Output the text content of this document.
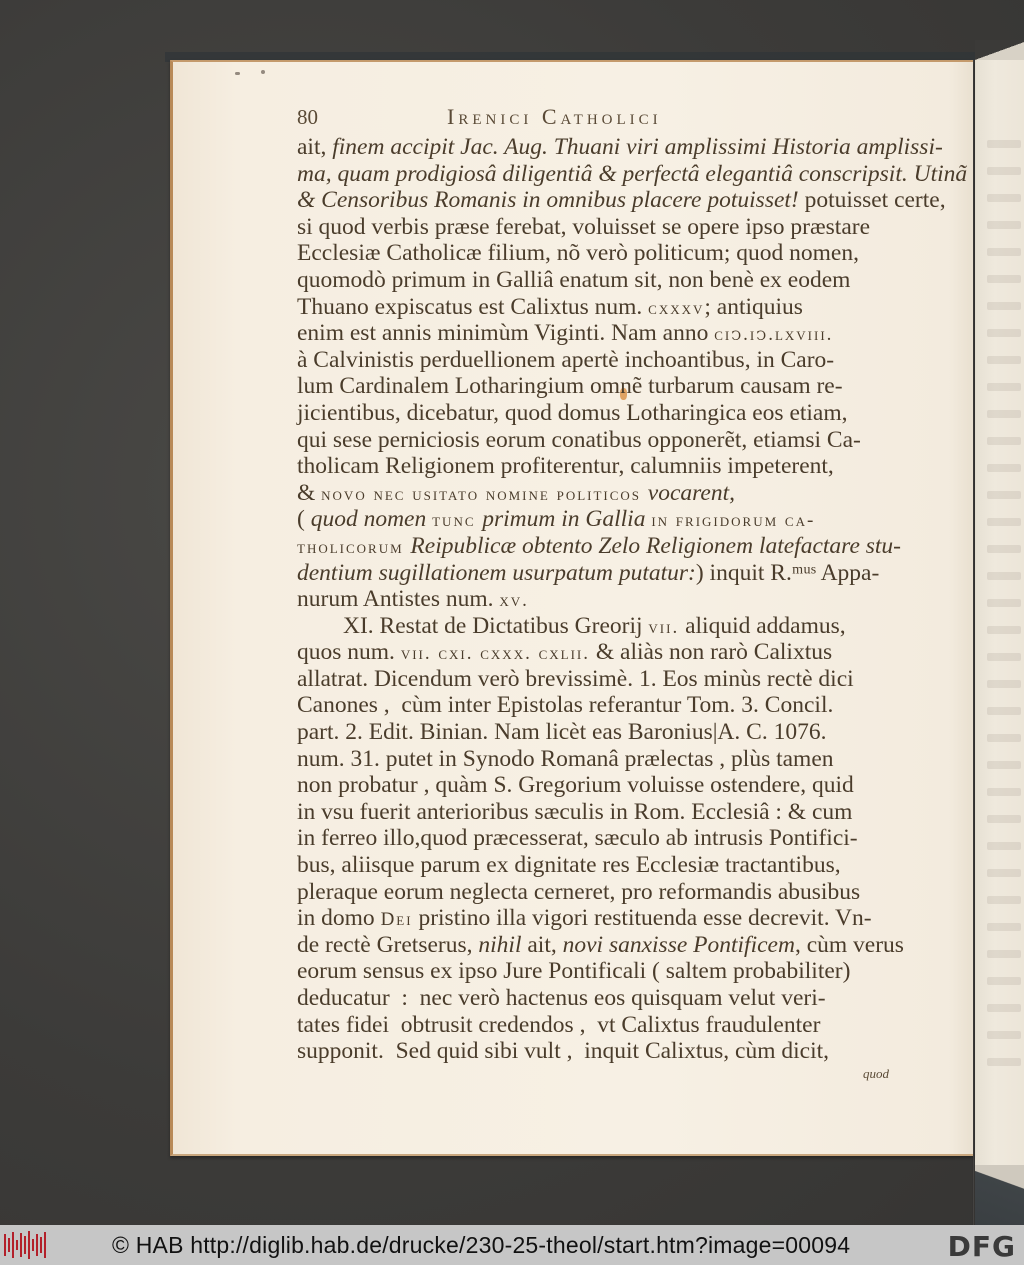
80	Irenici Catholici
ait, finem accipit Jac. Aug. Thuani viri amplissimi Historia amplissi-
ma, quam prodigiosâ diligentiâ & perfectâ elegantiâ conscripsit. Utinã
& Censoribus Romanis in omnibus placere potuisset! potuisset certe,
si quod verbis præse ferebat, voluisset se opere ipso præstare
Ecclesiæ Catholicæ filium, nõ verò politicum; quod nomen,
quomodò primum in Galliâ enatum sit, non benè ex eodem
Thuano expiscatus est Calixtus num. cxxxv; antiquius
enim est annis minimùm Viginti. Nam anno ciↄ.iↄ.lxviii.
à Calvinistis perduellionem apertè inchoantibus, in Caro-
lum Cardinalem Lotharingium omnẽ turbarum causam re-
jicientibus, dicebatur, quod domus Lotharingica eos etiam,
qui sese perniciosis eorum conatibus opponerẽt, etiamsi Ca-
tholicam Religionem profiterentur, calumniis impeterent,
& novo nec usitato nomine politicos vocarent,
( quod nomen tunc primum in Gallia in frigidorum ca-
tholicorum Reipublicæ obtento Zelo Religionem latefactare stu-
dentium sugillationem usurpatum putatur:) inquit R.ᵐᵘˢ Appa-
nurum Antistes num. xv.
XI. Restat de Dictatibus Greorij vii. aliquid addamus,
quos num. vii. cxi. cxxx. cxlii. & aliàs non rarò Calixtus
allatrat. Dicendum verò brevissimè. 1. Eos minùs rectè dici
Canones ,  cùm inter Epistolas referantur Tom. 3. Concil.
part. 2. Edit. Binian. Nam licèt eas Baronius|A. C. 1076.
num. 31. putet in Synodo Romanâ prælectas , plùs tamen
non probatur , quàm S. Gregorium voluisse ostendere, quid
in vsu fuerit anterioribus sæculis in Rom. Ecclesiâ : & cum
in ferreo illo,quod præcesserat, sæculo ab intrusis Pontifici-
bus, aliisque parum ex dignitate res Ecclesiæ tractantibus,
pleraque eorum neglecta cerneret, pro reformandis abusibus
in domo Dei pristino illa vigori restituenda esse decrevit. Vn-
de rectè Gretserus, nihil ait, novi sanxisse Pontificem, cùm verus
eorum sensus ex ipso Jure Pontificali ( saltem probabiliter)
deducatur  :  nec verò hactenus eos quisquam velut veri-
tates fidei  obtrusit credendos ,  vt Calixtus fraudulenter
supponit.  Sed quid sibi vult ,  inquit Calixtus, cùm dicit,
quod
© HAB http://diglib.hab.de/drucke/230-25-theol/start.htm?image=00094	DFG
